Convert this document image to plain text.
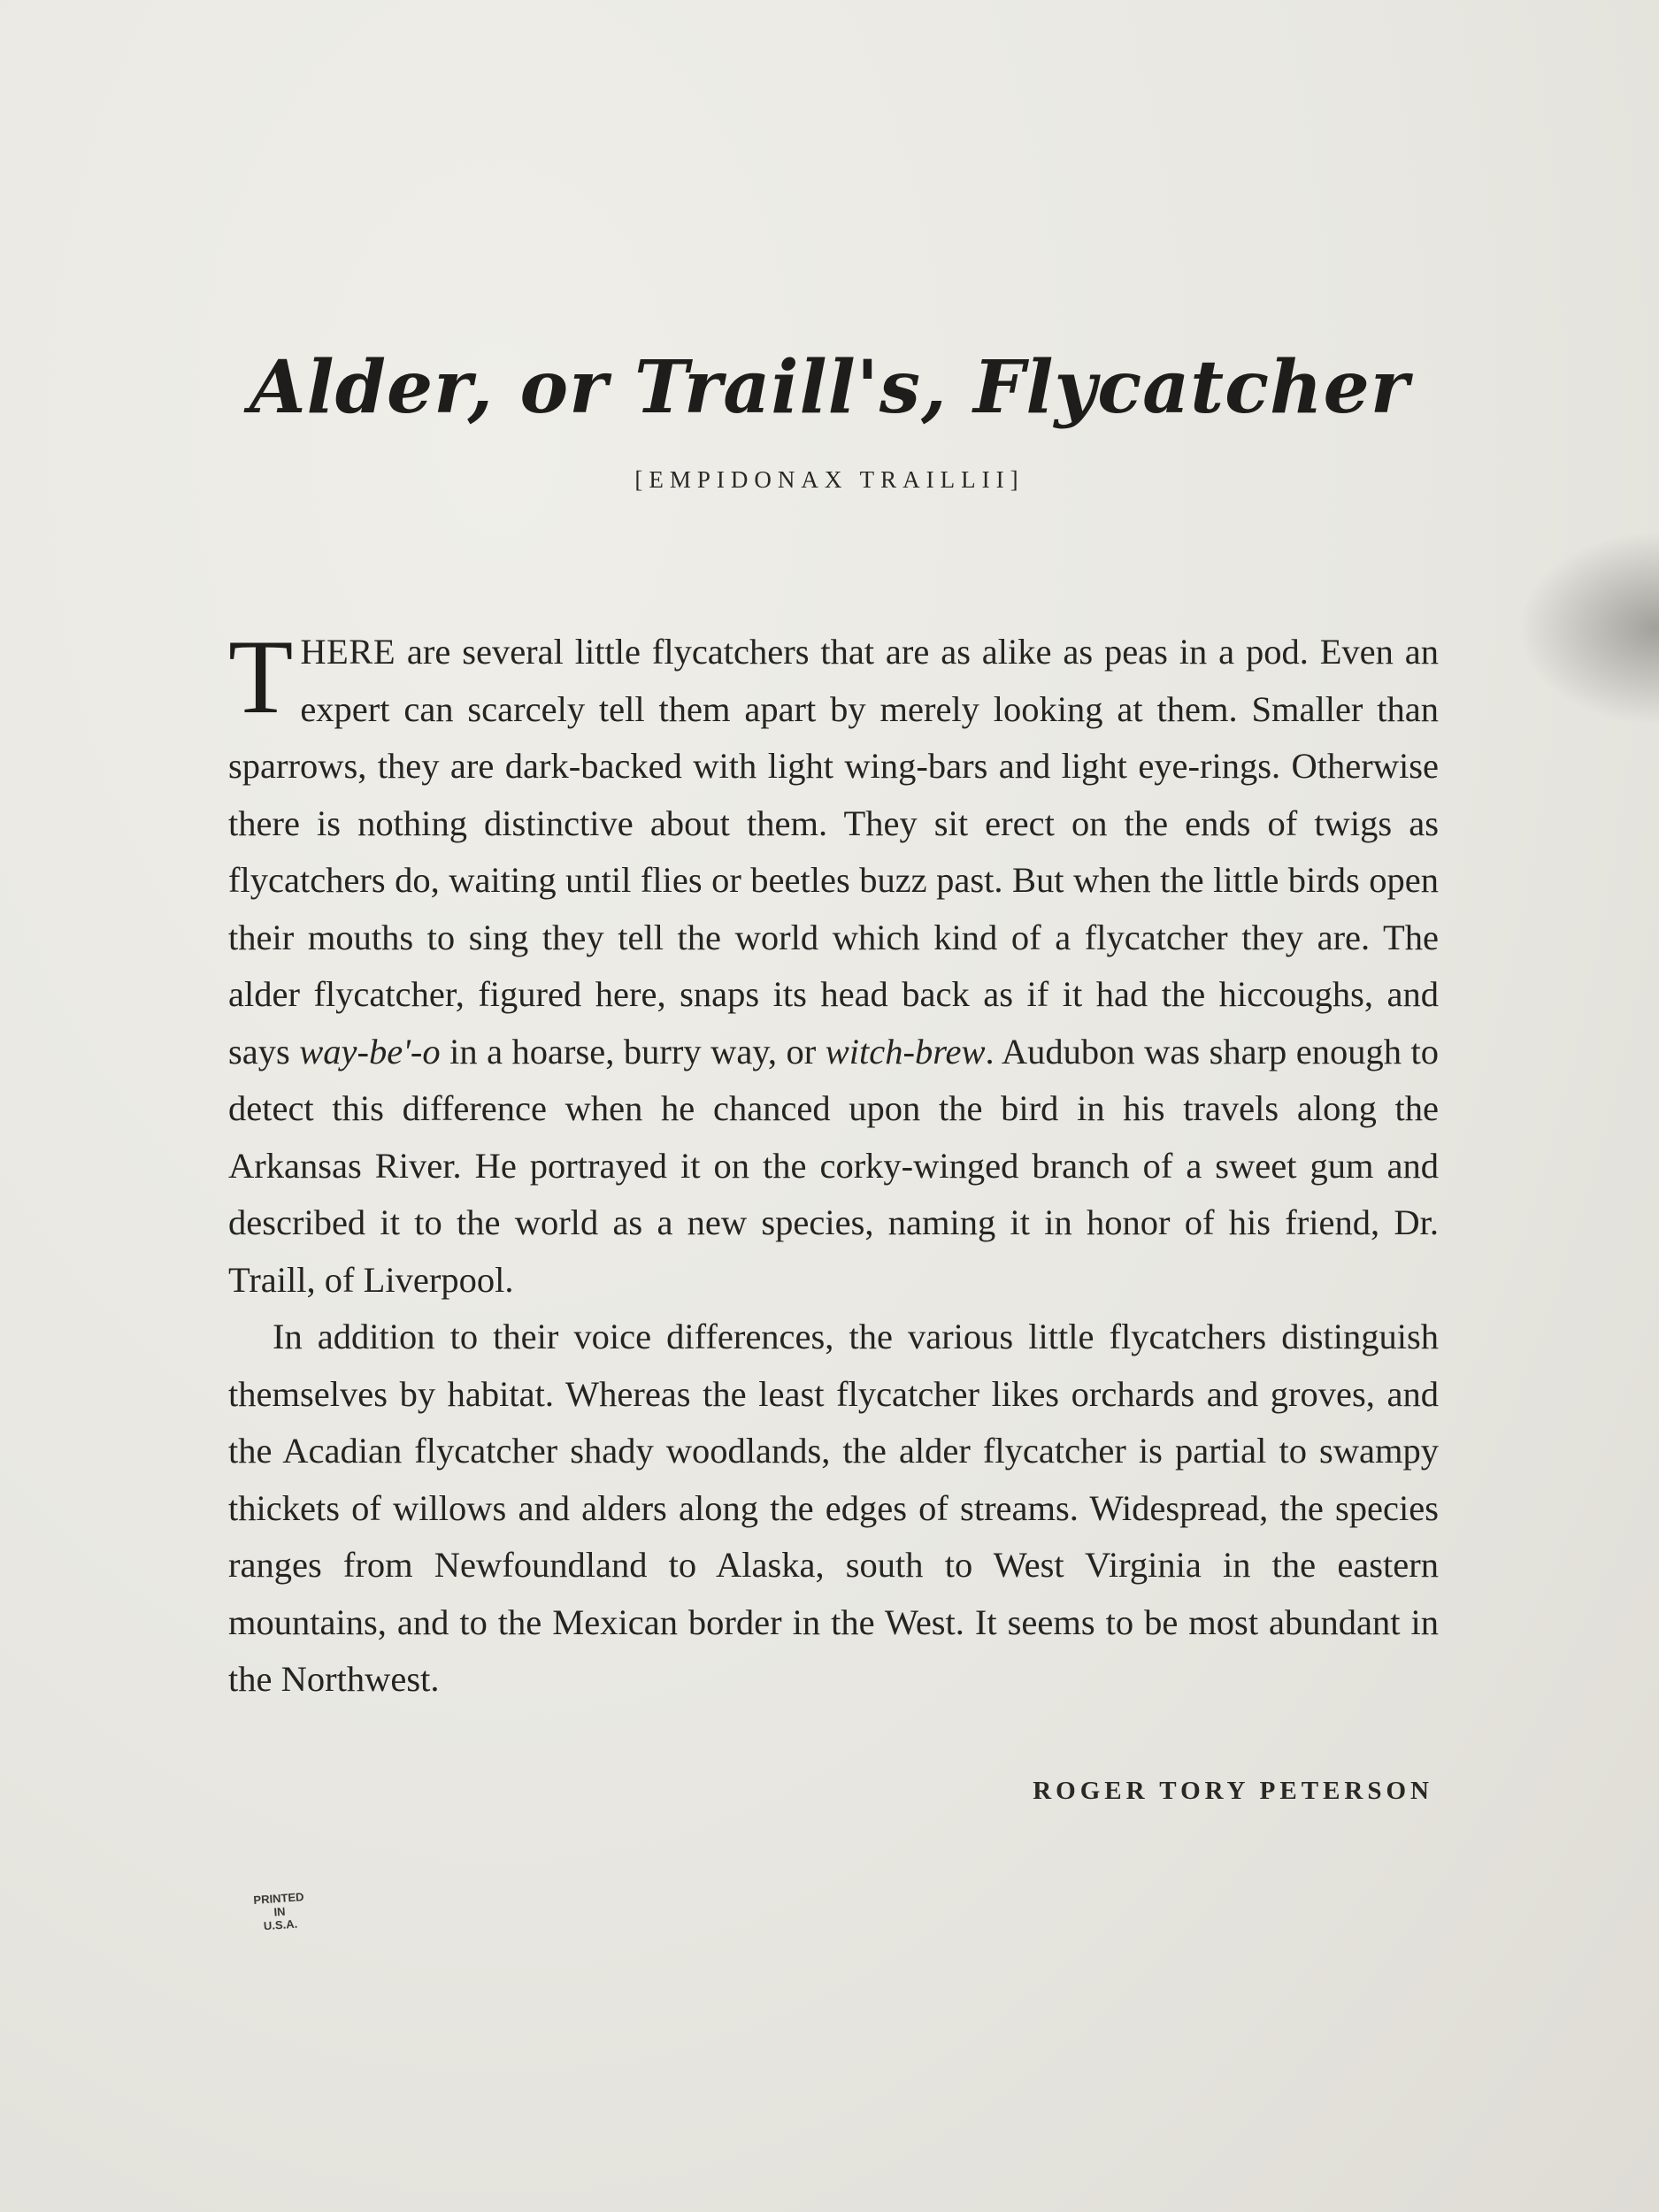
Alder, or Traill's, Flycatcher
[EMPIDONAX TRAILLII]

THERE are several little flycatchers that are as alike as peas in a pod. Even an expert can scarcely tell them apart by merely looking at them. Smaller than sparrows, they are dark-backed with light wing-bars and light eye-rings. Otherwise there is nothing distinctive about them. They sit erect on the ends of twigs as flycatchers do, waiting until flies or beetles buzz past. But when the little birds open their mouths to sing they tell the world which kind of a flycatcher they are. The alder flycatcher, figured here, snaps its head back as if it had the hiccoughs, and says way-be'-o in a hoarse, burry way, or witch-brew. Audubon was sharp enough to detect this difference when he chanced upon the bird in his travels along the Arkansas River. He portrayed it on the corky-winged branch of a sweet gum and described it to the world as a new species, naming it in honor of his friend, Dr. Traill, of Liverpool.

In addition to their voice differences, the various little flycatchers distinguish themselves by habitat. Whereas the least flycatcher likes orchards and groves, and the Acadian flycatcher shady woodlands, the alder flycatcher is partial to swampy thickets of willows and alders along the edges of streams. Widespread, the species ranges from Newfoundland to Alaska, south to West Virginia in the eastern mountains, and to the Mexican border in the West. It seems to be most abundant in the Northwest.

ROGER TORY PETERSON
PRINTED
IN
U.S.A.
